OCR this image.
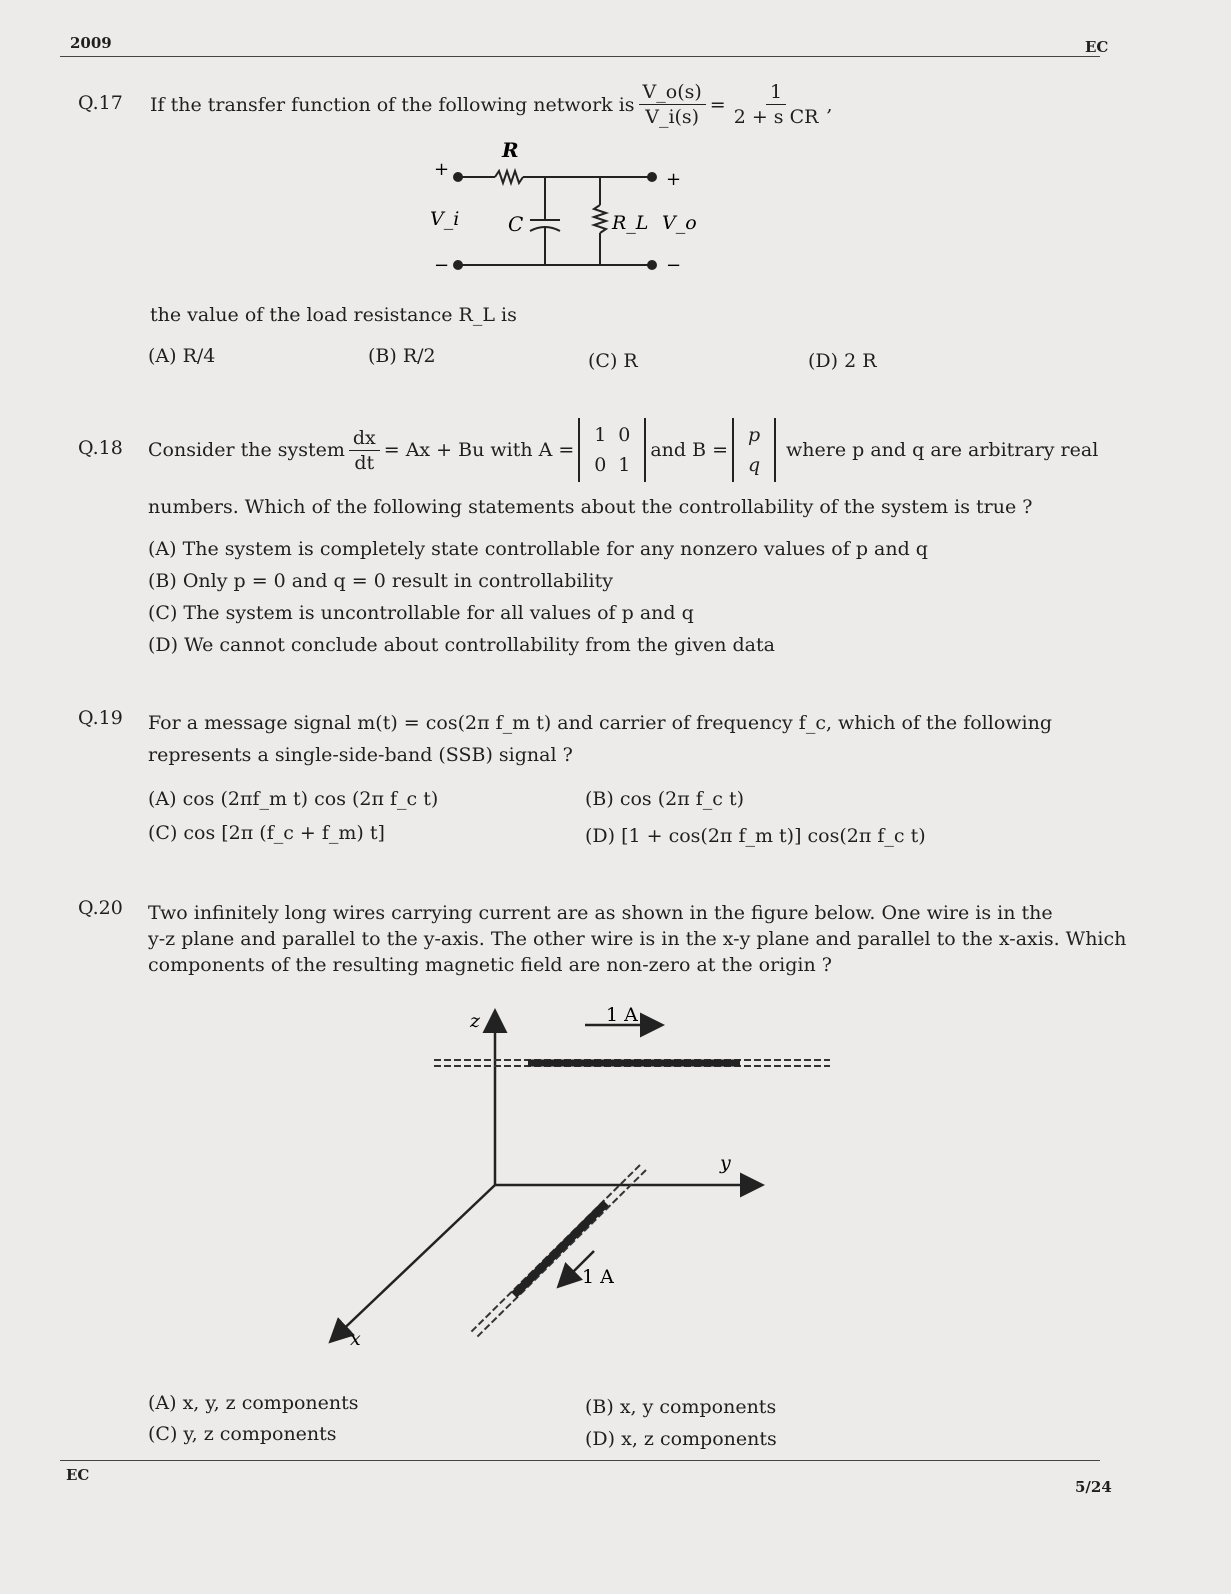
2009	EC
Q.17 If the transfer function of the following network is $\frac{V\_o(s)}{V\_i(s)} = \frac{1}{\text{2 + s CR}}$ ,
R
+
−
V_i C	R_L V_o
+
−
the value of the load resistance R_L is
(A) R/4	(B) R/2	(C) R	(D) 2 R
Q.18 Consider the system $\frac{dx}{dt} = Ax + Bu$ with A =
1 0
0 1
and B =
p
q
where p and q are arbitrary real
numbers. Which of the following statements about the controllability of the system is true ?
(A) The system is completely state controllable for any nonzero values of p and q
(B) Only p = 0 and q = 0 result in controllability
(C) The system is uncontrollable for all values of p and q
(D) We cannot conclude about controllability from the given data
Q.19 For a message signal m(t) = cos(2π f_m t) and carrier of frequency f_c, which of the following
represents a single-side-band (SSB) signal ?
(A) cos (2πf_m t) cos (2π f_c t)	(B) cos (2π f_c t)
(C) cos [2π (f_c + f_m) t]	(D) [1 + cos(2π f_m t)] cos(2π f_c t)
Q.20 Two infinitely long wires carrying current are as shown in the figure below. One wire is in the
y-z plane and parallel to the y-axis. The other wire is in the x-y plane and parallel to the x-axis. Which
components of the resulting magnetic field are non-zero at the origin ?
z
y
x
1 A
1 A
(A) x, y, z components	(B) x, y components
(C) y, z components	(D) x, z components
EC
5/24
